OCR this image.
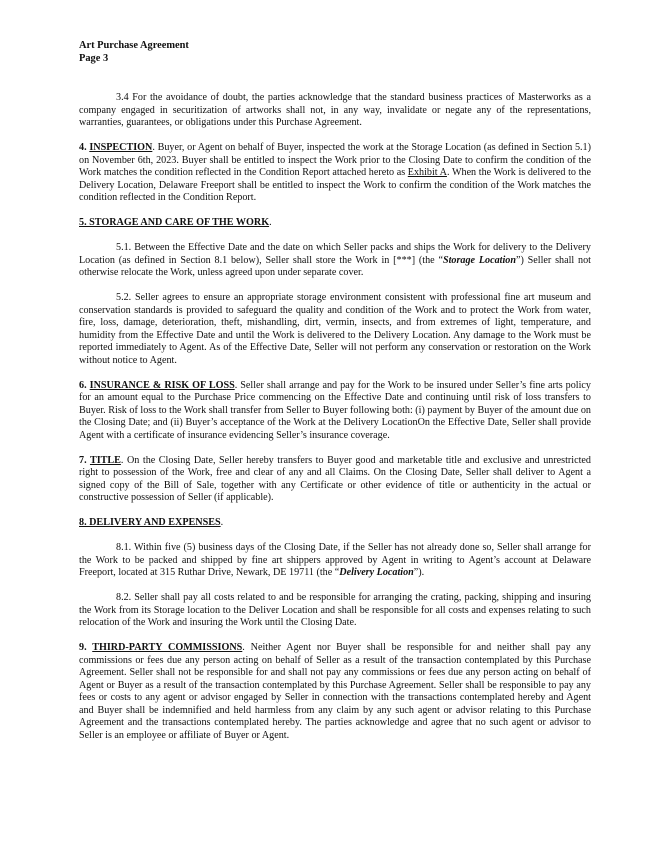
Art Purchase Agreement
Page 3

3.4 For the avoidance of doubt, the parties acknowledge that the standard business practices of Masterworks as a company engaged in securitization of artworks shall not, in any way, invalidate or negate any of the representations, warranties, guarantees, or obligations under this Purchase Agreement.

4. INSPECTION. Buyer, or Agent on behalf of Buyer, inspected the work at the Storage Location (as defined in Section 5.1) on November 6th, 2023. Buyer shall be entitled to inspect the Work prior to the Closing Date to confirm the condition of the Work matches the condition reflected in the Condition Report attached hereto as Exhibit A. When the Work is delivered to the Delivery Location, Delaware Freeport shall be entitled to inspect the Work to confirm the condition of the Work matches the condition reflected in the Condition Report.

5. STORAGE AND CARE OF THE WORK.

5.1. Between the Effective Date and the date on which Seller packs and ships the Work for delivery to the Delivery Location (as defined in Section 8.1 below), Seller shall store the Work in [***] (the “Storage Location”) Seller shall not otherwise relocate the Work, unless agreed upon under separate cover.

5.2. Seller agrees to ensure an appropriate storage environment consistent with professional fine art museum and conservation standards is provided to safeguard the quality and condition of the Work and to protect the Work from water, fire, loss, damage, deterioration, theft, mishandling, dirt, vermin, insects, and from extremes of light, temperature, and humidity from the Effective Date and until the Work is delivered to the Delivery Location. Any damage to the Work must be reported immediately to Agent. As of the Effective Date, Seller will not perform any conservation or restoration on the Work without notice to Agent.

6. INSURANCE & RISK OF LOSS. Seller shall arrange and pay for the Work to be insured under Seller’s fine arts policy for an amount equal to the Purchase Price commencing on the Effective Date and continuing until risk of loss transfers to Buyer. Risk of loss to the Work shall transfer from Seller to Buyer following both: (i) payment by Buyer of the amount due on the Closing Date; and (ii) Buyer’s acceptance of the Work at the Delivery LocationOn the Effective Date, Seller shall provide Agent with a certificate of insurance evidencing Seller’s insurance coverage.

7. TITLE. On the Closing Date, Seller hereby transfers to Buyer good and marketable title and exclusive and unrestricted right to possession of the Work, free and clear of any and all Claims. On the Closing Date, Seller shall deliver to Agent a signed copy of the Bill of Sale, together with any Certificate or other evidence of title or authenticity in the actual or constructive possession of Seller (if applicable).

8. DELIVERY AND EXPENSES.

8.1. Within five (5) business days of the Closing Date, if the Seller has not already done so, Seller shall arrange for the Work to be packed and shipped by fine art shippers approved by Agent in writing to Agent’s account at Delaware Freeport, located at 315 Ruthar Drive, Newark, DE 19711 (the “Delivery Location”).

8.2. Seller shall pay all costs related to and be responsible for arranging the crating, packing, shipping and insuring the Work from its Storage location to the Deliver Location and shall be responsible for all costs and expenses relating to such relocation of the Work and insuring the Work until the Closing Date.

9. THIRD-PARTY COMMISSIONS. Neither Agent nor Buyer shall be responsible for and neither shall pay any commissions or fees due any person acting on behalf of Seller as a result of the transaction contemplated by this Purchase Agreement. Seller shall not be responsible for and shall not pay any commissions or fees due any person acting on behalf of Agent or Buyer as a result of the transaction contemplated by this Purchase Agreement. Seller shall be responsible to pay any fees or costs to any agent or advisor engaged by Seller in connection with the transactions contemplated hereby and Agent and Buyer shall be indemnified and held harmless from any claim by any such agent or advisor relating to this Purchase Agreement and the transactions contemplated hereby. The parties acknowledge and agree that no such agent or advisor to Seller is an employee or affiliate of Buyer or Agent.
